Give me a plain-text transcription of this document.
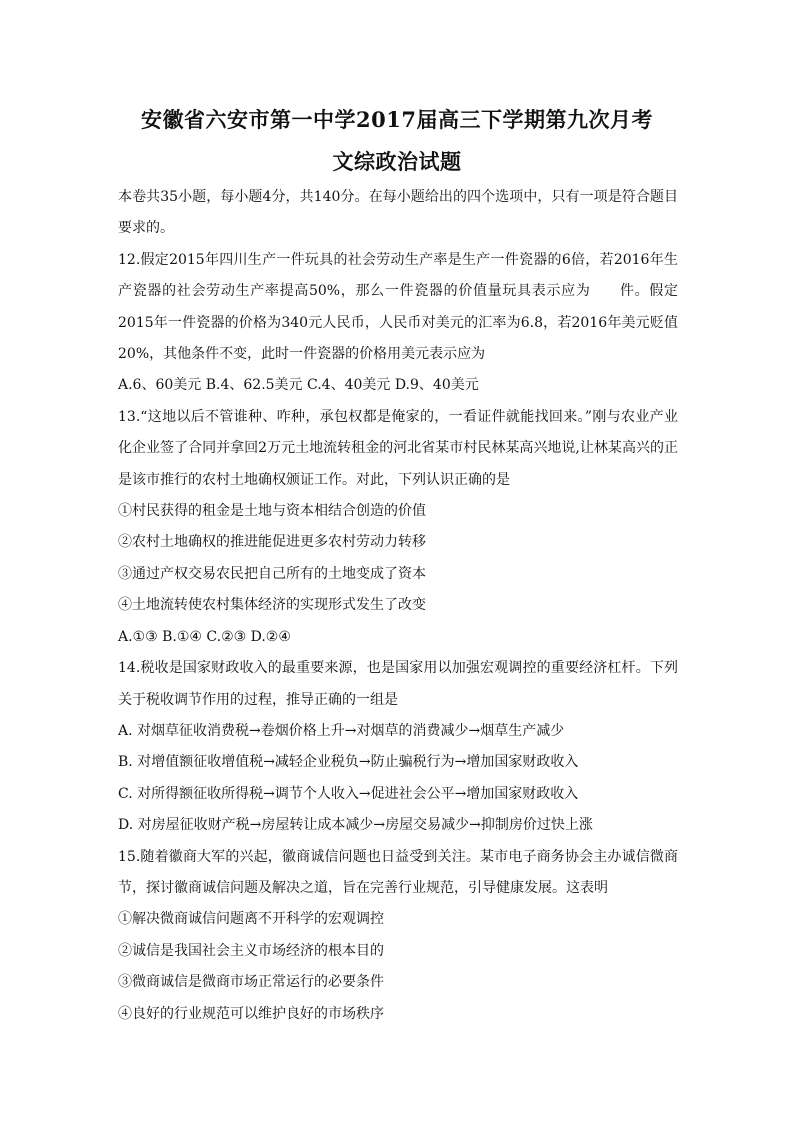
安徽省六安市第一中学2017届高三下学期第九次月考
文综政治试题

本卷共35小题，每小题4分，共140分。在每小题给出的四个选项中，只有一项是符合题目要求的。

12.假定2015年四川生产一件玩具的社会劳动生产率是生产一件瓷器的6倍，若2016年生产瓷器的社会劳动生产率提高50%，那么一件瓷器的价值量玩具表示应为　　件。假定2015年一件瓷器的价格为340元人民币，人民币对美元的汇率为6.8，若2016年美元贬值20%，其他条件不变，此时一件瓷器的价格用美元表示应为

A.6、60美元 B.4、62.5美元 C.4、40美元 D.9、40美元

13.“这地以后不管谁种、咋种，承包权都是俺家的，一看证件就能找回来。”刚与农业产业化企业签了合同并拿回2万元土地流转租金的河北省某市村民林某高兴地说,让林某高兴的正是该市推行的农村土地确权颁证工作。对此，下列认识正确的是

①村民获得的租金是土地与资本相结合创造的价值

②农村土地确权的推进能促进更多农村劳动力转移

③通过产权交易农民把自己所有的土地变成了资本

④土地流转使农村集体经济的实现形式发生了改变

A.①③ B.①④ C.②③ D.②④

14.税收是国家财政收入的最重要来源，也是国家用以加强宏观调控的重要经济杠杆。下列关于税收调节作用的过程，推导正确的一组是

A. 对烟草征收消费税→卷烟价格上升→对烟草的消费减少→烟草生产减少

B. 对增值额征收增值税→减轻企业税负→防止骗税行为→增加国家财政收入

C. 对所得额征收所得税→调节个人收入→促进社会公平→增加国家财政收入

D. 对房屋征收财产税→房屋转让成本减少→房屋交易减少→抑制房价过快上涨

15.随着徽商大军的兴起，徽商诚信问题也日益受到关注。某市电子商务协会主办诚信微商节，探讨徽商诚信问题及解决之道，旨在完善行业规范，引导健康发展。这表明

①解决微商诚信问题离不开科学的宏观调控

②诚信是我国社会主义市场经济的根本目的

③微商诚信是微商市场正常运行的必要条件

④良好的行业规范可以维护良好的市场秩序
